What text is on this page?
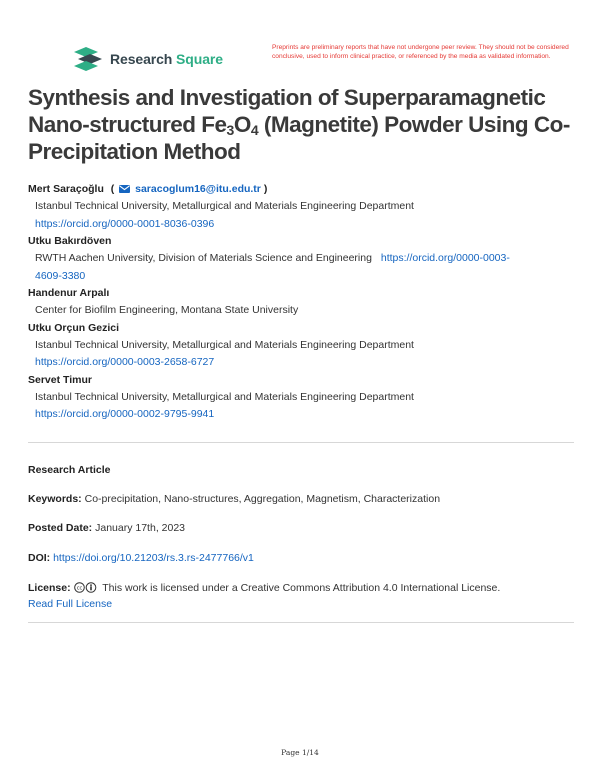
Research Square
Preprints are preliminary reports that have not undergone peer review. They should not be considered conclusive, used to inform clinical practice, or referenced by the media as validated information.
Synthesis and Investigation of Superparamagnetic Nano-structured $Fe_3O_4$ (Magnetite) Powder Using Co-Precipitation Method
Mert Saraçoğlu ( saracoglum16@itu.edu.tr )
Istanbul Technical University, Metallurgical and Materials Engineering Department
https://orcid.org/0000-0001-8036-0396
Utku Bakırdöven
RWTH Aachen University, Division of Materials Science and Engineering https://orcid.org/0000-0003-
4609-3380
Handenur Arpalı
Center for Biofilm Engineering, Montana State University
Utku Orçun Gezici
Istanbul Technical University, Metallurgical and Materials Engineering Department
https://orcid.org/0000-0003-2658-6727
Servet Timur
Istanbul Technical University, Metallurgical and Materials Engineering Department
https://orcid.org/0000-0002-9795-9941
Research Article
Keywords: Co-precipitation, Nano-structures, Aggregation, Magnetism, Characterization
Posted Date: January 17th, 2023
DOI: https://doi.org/10.21203/rs.3.rs-2477766/v1
License: cc This work is licensed under a Creative Commons Attribution 4.0 International License.
Read Full License
Page 1/14
